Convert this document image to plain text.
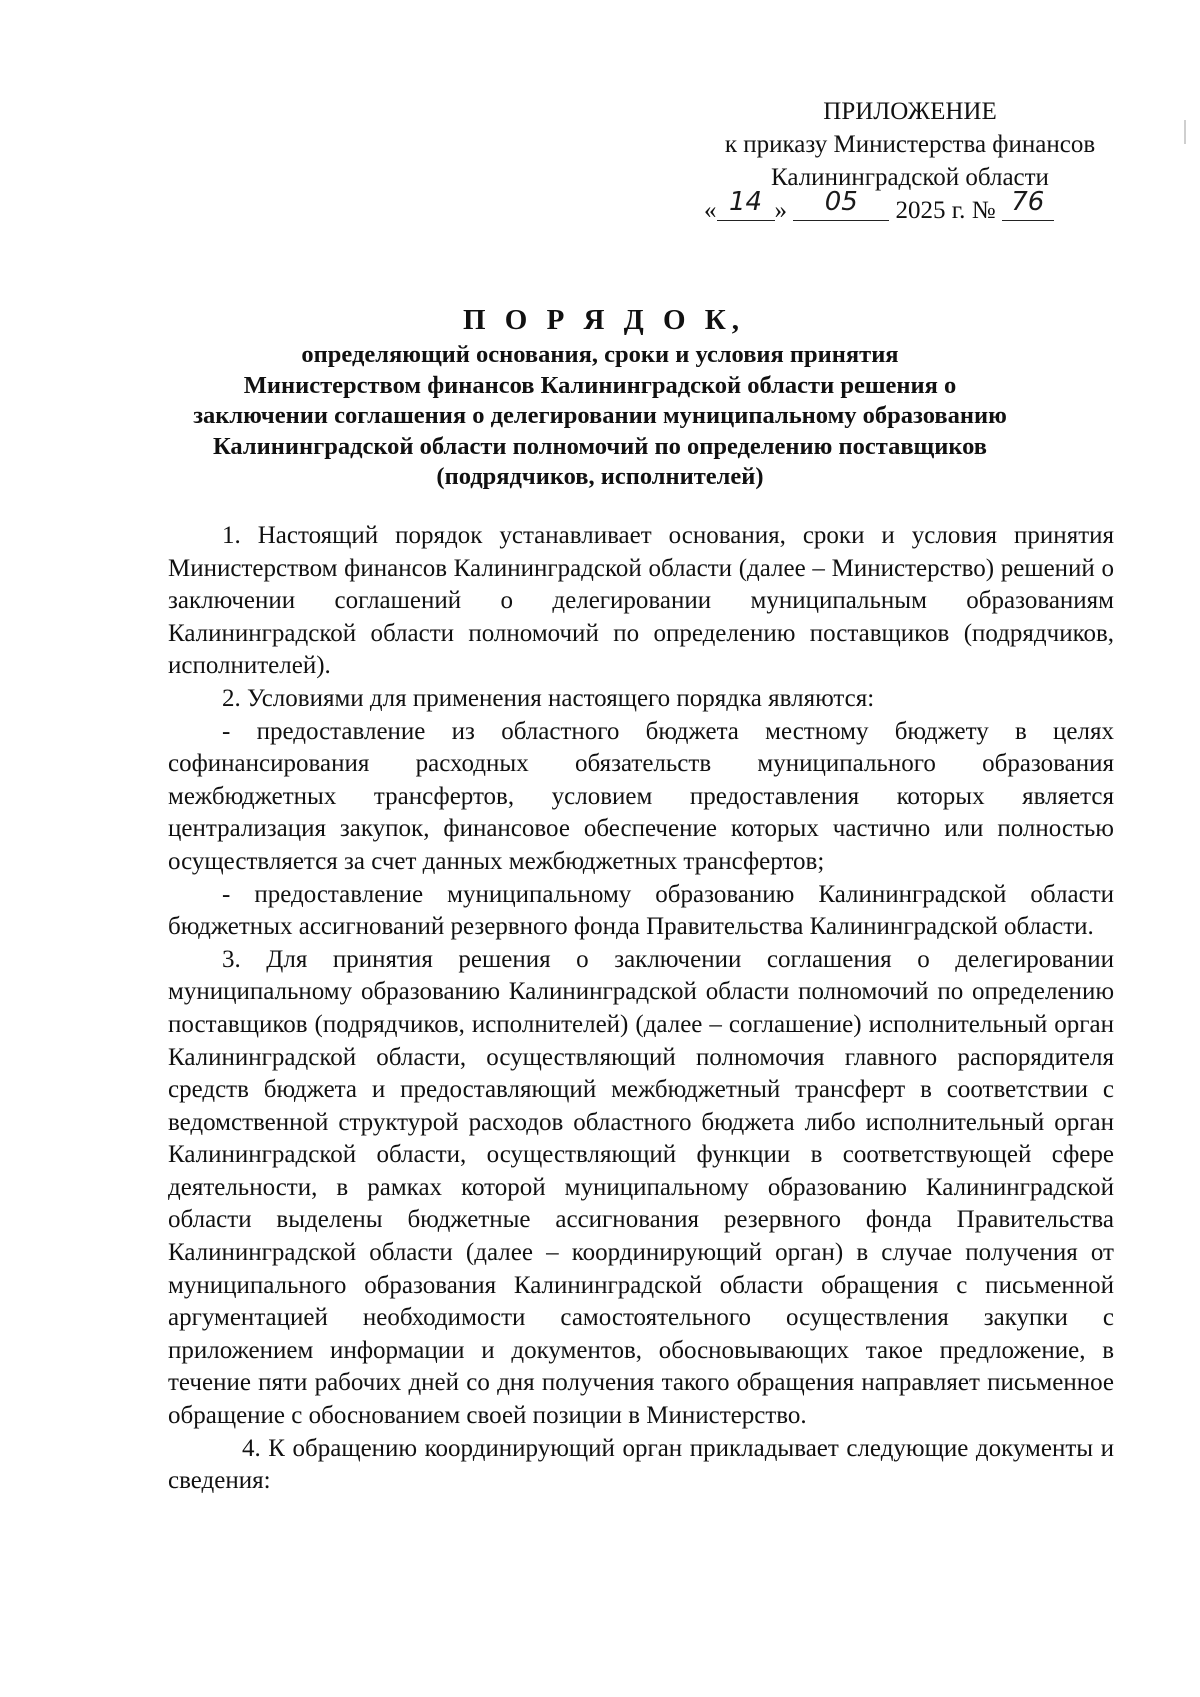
ПРИЛОЖЕНИЕ
к приказу Министерства финансов
Калининградской области
« 14 » 05 2025 г. № 76
П О Р Я Д О К,
определяющий основания, сроки и условия принятия
Министерством финансов Калининградской области решения о
заключении соглашения о делегировании муниципальному образованию
Калининградской области полномочий по определению поставщиков
(подрядчиков, исполнителей)

1. Настоящий порядок устанавливает основания, сроки и условия принятия Министерством финансов Калининградской области (далее – Министерство) решений о заключении соглашений о делегировании муниципальным образованиям Калининградской области полномочий по определению поставщиков (подрядчиков, исполнителей).

2. Условиями для применения настоящего порядка являются:

- предоставление из областного бюджета местному бюджету в целях софинансирования расходных обязательств муниципального образования межбюджетных трансфертов, условием предоставления которых является централизация закупок, финансовое обеспечение которых частично или полностью осуществляется за счет данных межбюджетных трансфертов;

- предоставление муниципальному образованию Калининградской области бюджетных ассигнований резервного фонда Правительства Калининградской области.

3. Для принятия решения о заключении соглашения о делегировании муниципальному образованию Калининградской области полномочий по определению поставщиков (подрядчиков, исполнителей) (далее – соглашение) исполнительный орган Калининградской области, осуществляющий полномочия главного распорядителя средств бюджета и предоставляющий межбюджетный трансферт в соответствии с ведомственной структурой расходов областного бюджета либо исполнительный орган Калининградской области, осуществляющий функции в соответствующей сфере деятельности, в рамках которой муниципальному образованию Калининградской области выделены бюджетные ассигнования резервного фонда Правительства Калининградской области (далее – координирующий орган) в случае получения от муниципального образования Калининградской области обращения с письменной аргументацией необходимости самостоятельного осуществления закупки с приложением информации и документов, обосновывающих такое предложение, в течение пяти рабочих дней со дня получения такого обращения направляет письменное обращение с обоснованием своей позиции в Министерство.

4. К обращению координирующий орган прикладывает следующие документы и сведения:
